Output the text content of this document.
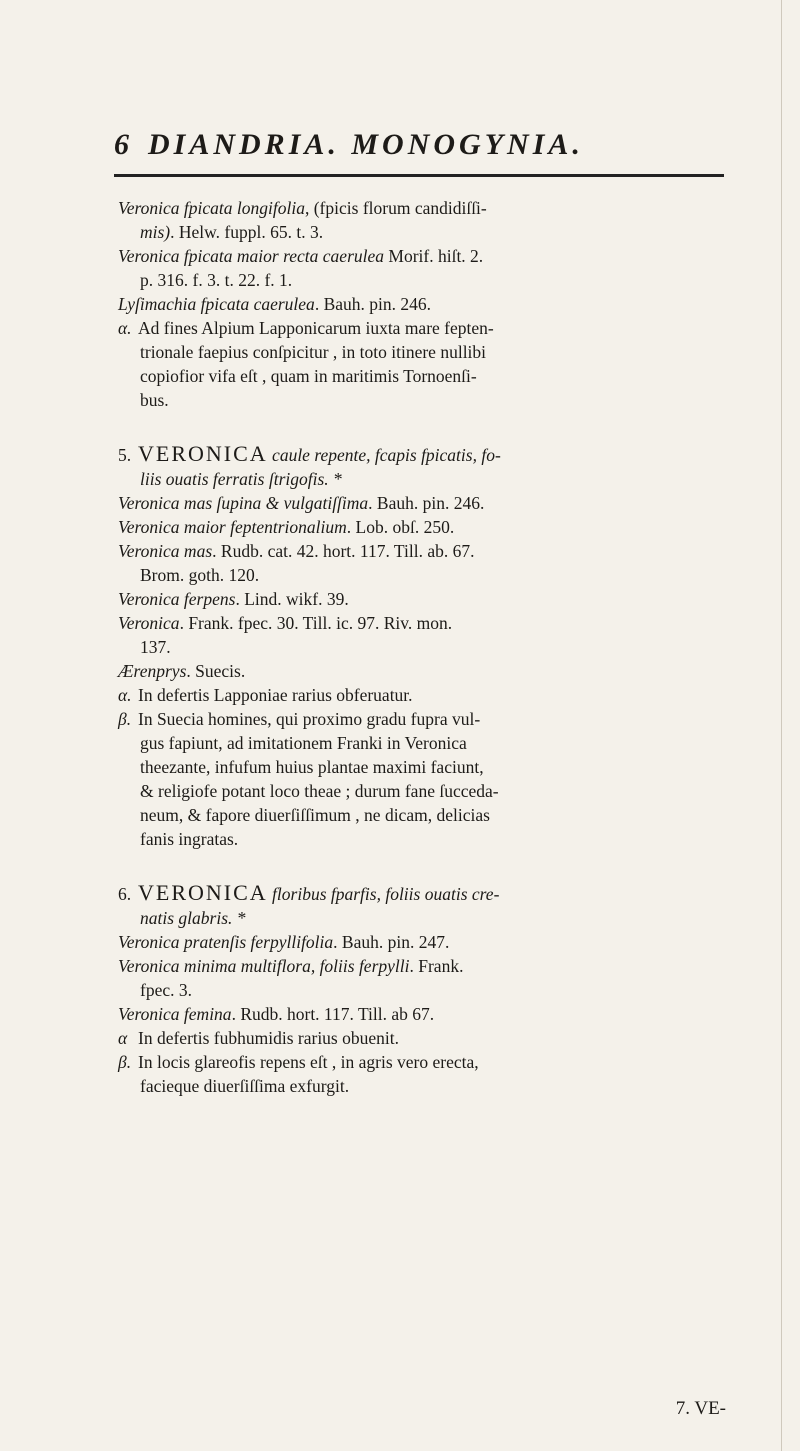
6 DIANDRIA. MONOGYNIA.

Veronica fpicata longifolia, (fpicis florum candidiſſi-

mis). Helw. fuppl. 65. t. 3.

Veronica fpicata maior recta caerulea Morif. hiſt. 2.

p. 316. f. 3. t. 22. f. 1.

Lyſimachia fpicata caerulea. Bauh. pin. 246.

α. Ad fines Alpium Lapponicarum iuxta mare fepten-

trionale faepius conſpicitur , in toto itinere nullibi

copiofior vifa eſt , quam in maritimis Tornoenſi-

bus.

5. VERONICA caule repente, fcapis fpicatis, fo-

liis ouatis ferratis ſtrigofis. *

Veronica mas ſupina & vulgatiſſima. Bauh. pin. 246.

Veronica maior feptentrionalium. Lob. obſ. 250.

Veronica mas. Rudb. cat. 42. hort. 117. Till. ab. 67.

Brom. goth. 120.

Veronica ferpens. Lind. wikf. 39.

Veronica. Frank. fpec. 30. Till. ic. 97. Riv. mon.

137.

Ærenprys. Suecis.

α. In defertis Lapponiae rarius obferuatur.

β. In Suecia homines, qui proximo gradu fupra vul-

gus fapiunt, ad imitationem Franki in Veronica

theezante, infufum huius plantae maximi faciunt,

& religiofe potant loco theae ; durum fane ſucceda-

neum, & fapore diuerſiſſimum , ne dicam, delicias

fanis ingratas.

6. VERONICA floribus fparfis, foliis ouatis cre-

natis glabris. *

Veronica pratenſis ferpyllifolia. Bauh. pin. 247.

Veronica minima multiflora, foliis ferpylli. Frank.

fpec. 3.

Veronica femina. Rudb. hort. 117. Till. ab 67.

α In defertis fubhumidis rarius obuenit.

β. In locis glareofis repens eſt , in agris vero erecta,

facieque diuerſiſſima exfurgit.

7. VE-
